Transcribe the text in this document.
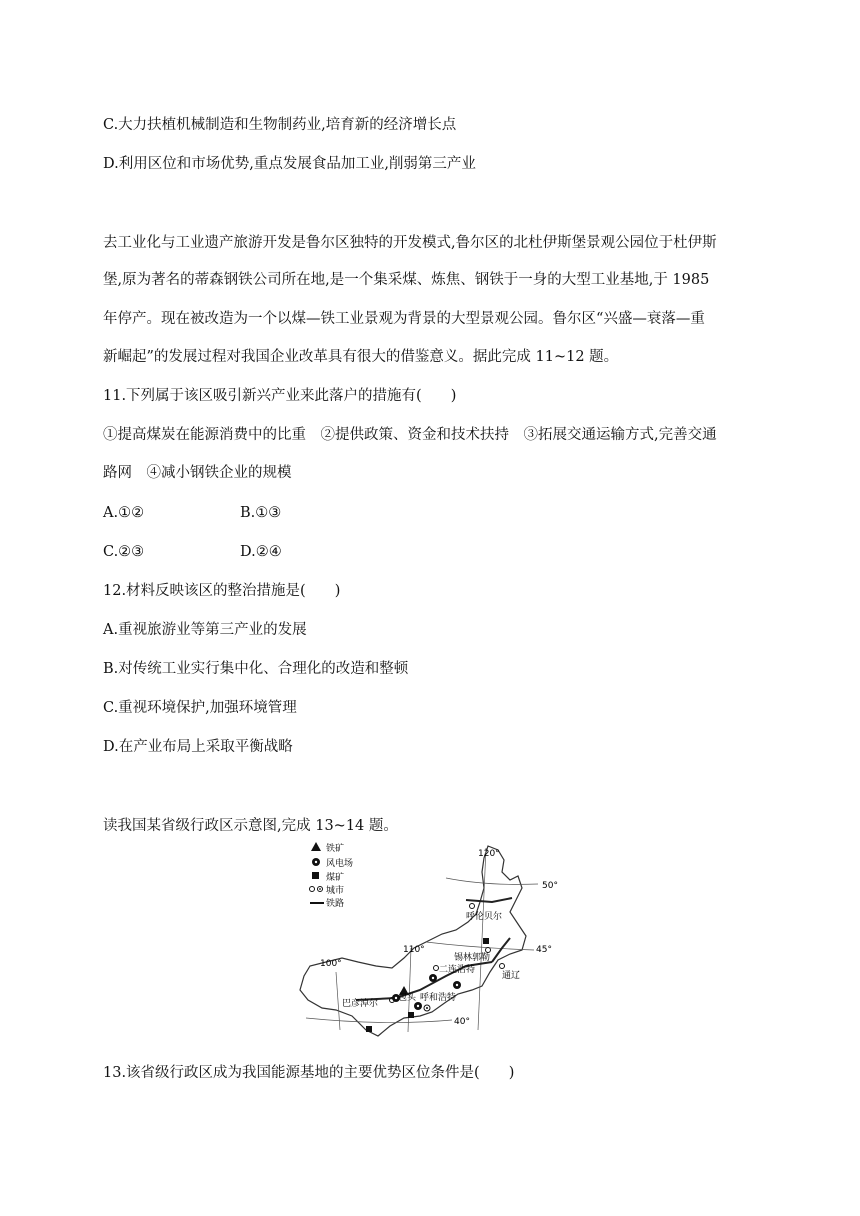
C.大力扶植机械制造和生物制药业,培育新的经济增长点
D.利用区位和市场优势,重点发展食品加工业,削弱第三产业
去工业化与工业遗产旅游开发是鲁尔区独特的开发模式,鲁尔区的北杜伊斯堡景观公园位于杜伊斯
堡,原为著名的蒂森钢铁公司所在地,是一个集采煤、炼焦、钢铁于一身的大型工业基地,于 1985
年停产。现在被改造为一个以煤—铁工业景观为背景的大型景观公园。鲁尔区“兴盛—衰落—重
新崛起”的发展过程对我国企业改革具有很大的借鉴意义。据此完成 11~12 题。
11.下列属于该区吸引新兴产业来此落户的措施有(　　)
①提高煤炭在能源消费中的比重　②提供政策、资金和技术扶持　③拓展交通运输方式,完善交通
路网　④减小钢铁企业的规模
A.①②	B.①③
C.②③	D.②④
12.材料反映该区的整治措施是(　　)
A.重视旅游业等第三产业的发展
B.对传统工业实行集中化、合理化的改造和整顿
C.重视环境保护,加强环境管理
D.在产业布局上采取平衡战略
读我国某省级行政区示意图,完成 13~14 题。
铁矿
风电场
煤矿
城市
铁路
120°
110°
100°
50°
45°
40°
呼伦贝尔
锡林郭勒
二连浩特
通辽
巴彦淖尔
包头 呼和浩特
13.该省级行政区成为我国能源基地的主要优势区位条件是(　　)
